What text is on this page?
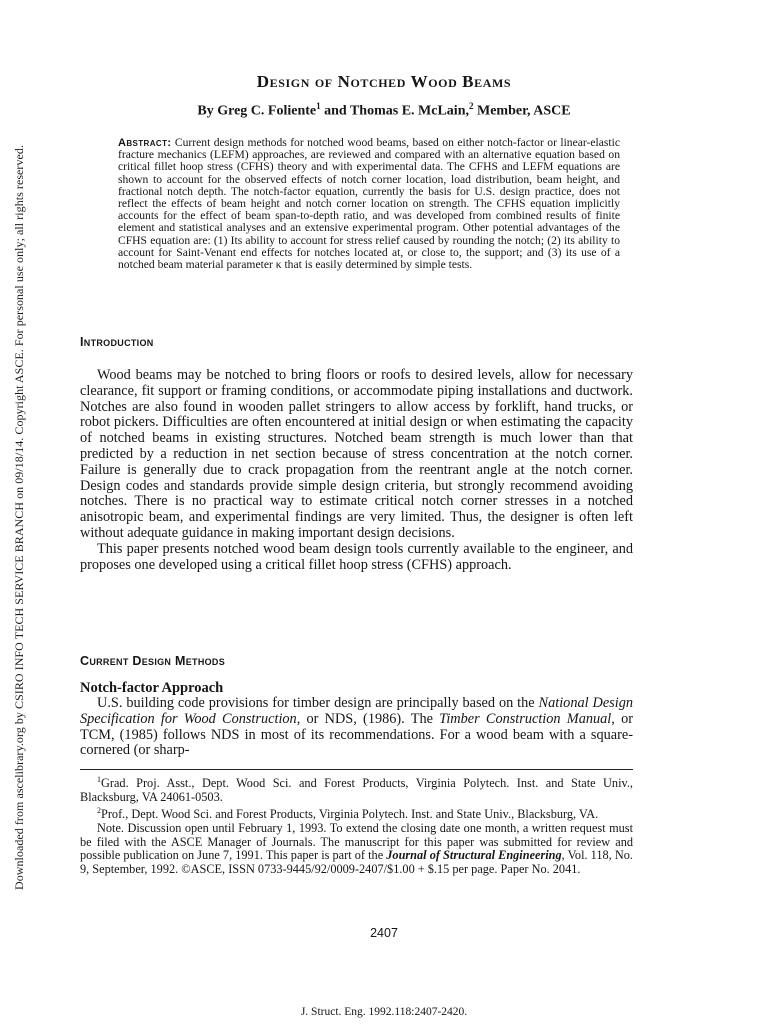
Downloaded from ascelibrary.org by CSIRO INFO TECH SERVICE BRANCH on 09/18/14. Copyright ASCE. For personal use only; all rights reserved.
Design of Notched Wood Beams
By Greg C. Foliente$^1$ and Thomas E. McLain,$^2$ Member, ASCE

Abstract: Current design methods for notched wood beams, based on either notch-factor or linear-elastic fracture mechanics (LEFM) approaches, are reviewed and compared with an alternative equation based on critical fillet hoop stress (CFHS) theory and with experimental data. The CFHS and LEFM equations are shown to account for the observed effects of notch corner location, load distribution, beam height, and fractional notch depth. The notch-factor equation, currently the basis for U.S. design practice, does not reflect the effects of beam height and notch corner location on strength. The CFHS equation implicitly accounts for the effect of beam span-to-depth ratio, and was developed from combined results of finite element and statistical analyses and an extensive experimental program. Other potential advantages of the CFHS equation are: (1) Its ability to account for stress relief caused by rounding the notch; (2) its ability to account for Saint-Venant end effects for notches located at, or close to, the support; and (3) its use of a notched beam material parameter κ that is easily determined by simple tests.

Introduction

Wood beams may be notched to bring floors or roofs to desired levels, allow for necessary clearance, fit support or framing conditions, or accommodate piping installations and ductwork. Notches are also found in wooden pallet stringers to allow access by forklift, hand trucks, or robot pickers. Difficulties are often encountered at initial design or when estimating the capacity of notched beams in existing structures. Notched beam strength is much lower than that predicted by a reduction in net section because of stress concentration at the notch corner. Failure is generally due to crack propagation from the reentrant angle at the notch corner. Design codes and standards provide simple design criteria, but strongly recommend avoiding notches. There is no practical way to estimate critical notch corner stresses in a notched anisotropic beam, and experimental findings are very limited. Thus, the designer is often left without adequate guidance in making important design decisions.

This paper presents notched wood beam design tools currently available to the engineer, and proposes one developed using a critical fillet hoop stress (CFHS) approach.

Current Design Methods
Notch-factor Approach

U.S. building code provisions for timber design are principally based on the National Design Specification for Wood Construction, or NDS, (1986). The Timber Construction Manual, or TCM, (1985) follows NDS in most of its recommendations. For a wood beam with a square-cornered (or sharp-

$^1$Grad. Proj. Asst., Dept. Wood Sci. and Forest Products, Virginia Polytech. Inst. and State Univ., Blacksburg, VA 24061-0503.

$^2$Prof., Dept. Wood Sci. and Forest Products, Virginia Polytech. Inst. and State Univ., Blacksburg, VA.

Note. Discussion open until February 1, 1993. To extend the closing date one month, a written request must be filed with the ASCE Manager of Journals. The manuscript for this paper was submitted for review and possible publication on June 7, 1991. This paper is part of the Journal of Structural Engineering, Vol. 118, No. 9, September, 1992. ©ASCE, ISSN 0733-9445/92/0009-2407/$1.00 + $.15 per page. Paper No. 2041.

2407
J. Struct. Eng. 1992.118:2407-2420.
